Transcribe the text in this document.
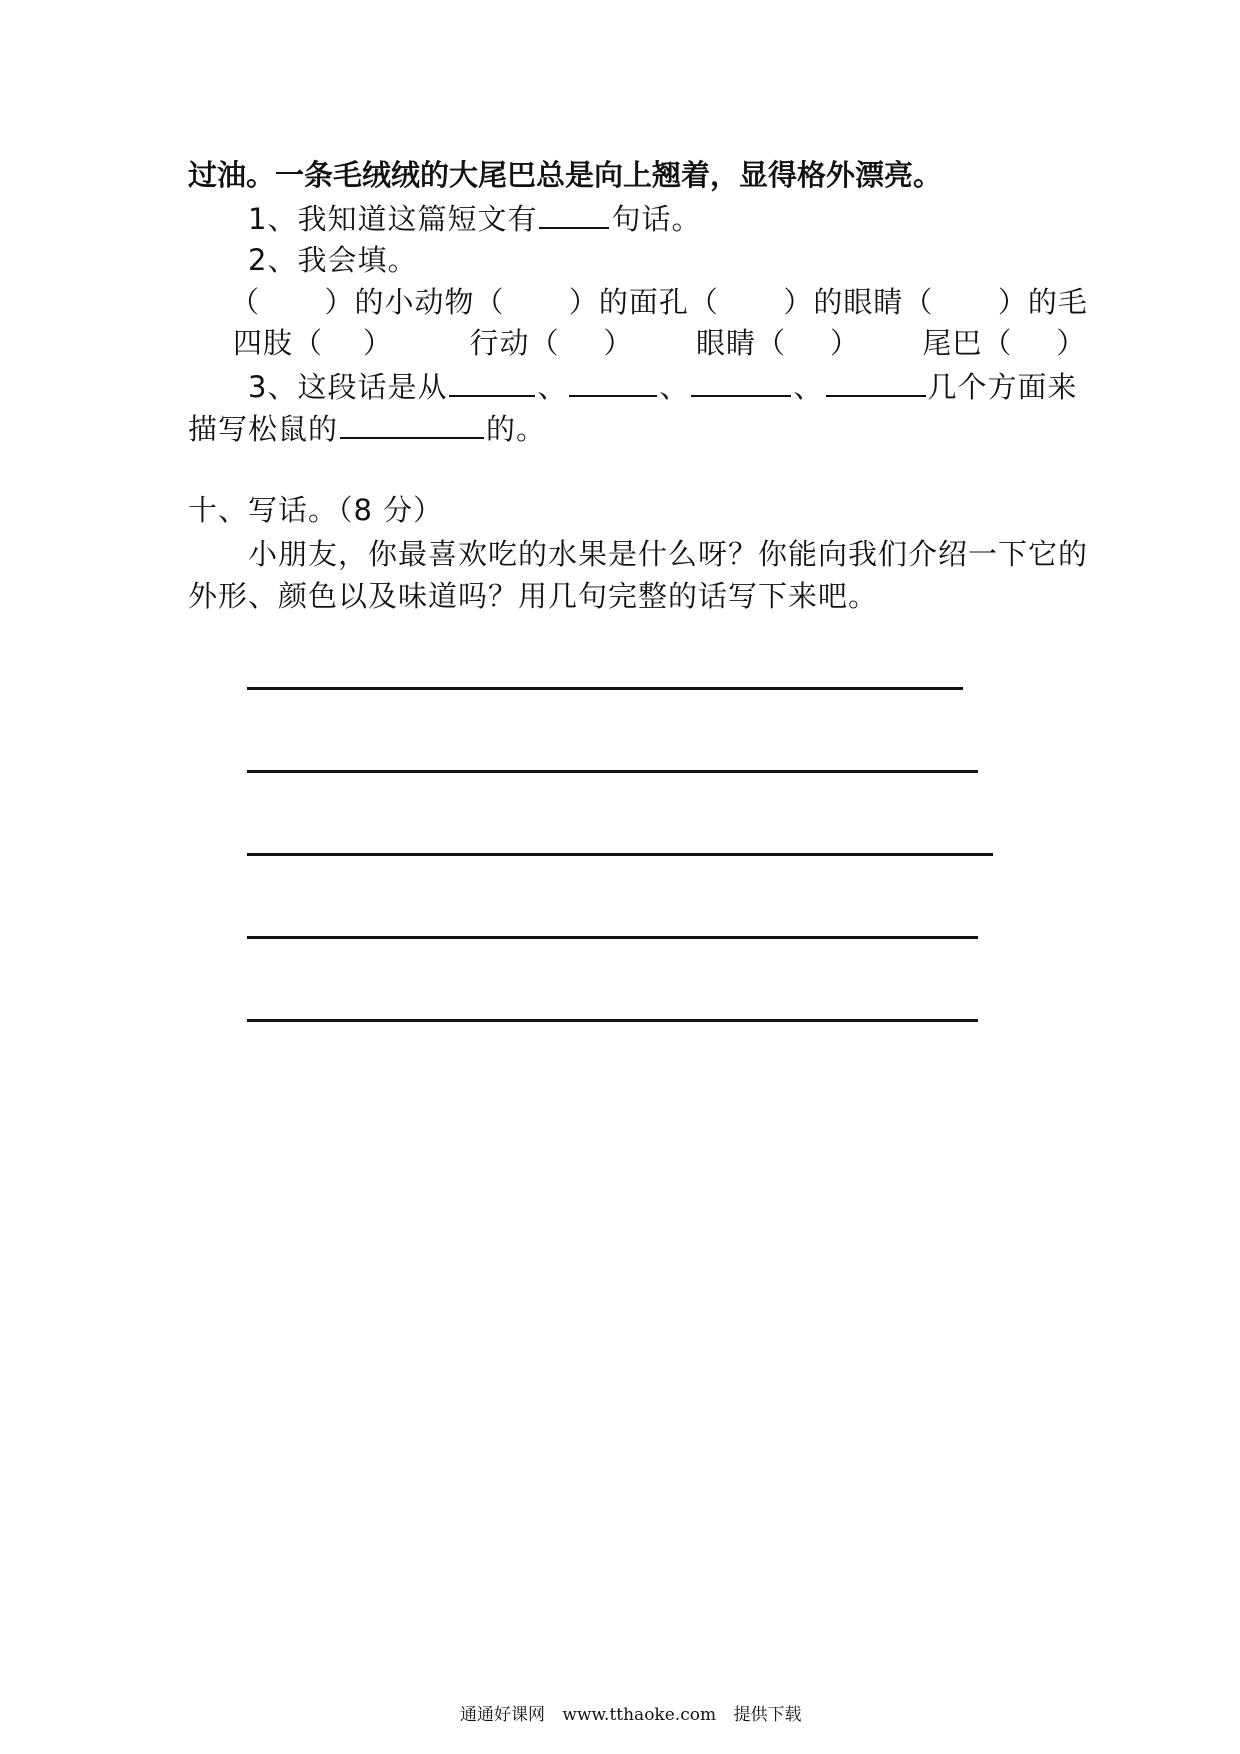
过油。一条毛绒绒的大尾巴总是向上翘着，显得格外漂亮。
1、我知道这篇短文有	句话。
2、我会填。
（ ）的小动物（ ）的面孔（ ）的眼睛（ ）的毛
四肢（ ）	行动（ ） 眼睛（ ） 尾巴（ ）
3、这段话是从	、	、	、	几个方面来
描写松鼠的	的。
十、写话。（8 分）
小朋友，你最喜欢吃的水果是什么呀？你能向我们介绍一下它的
外形、颜色以及味道吗？用几句完整的话写下来吧。
通通好课网 www.tthaoke.com 提供下载
